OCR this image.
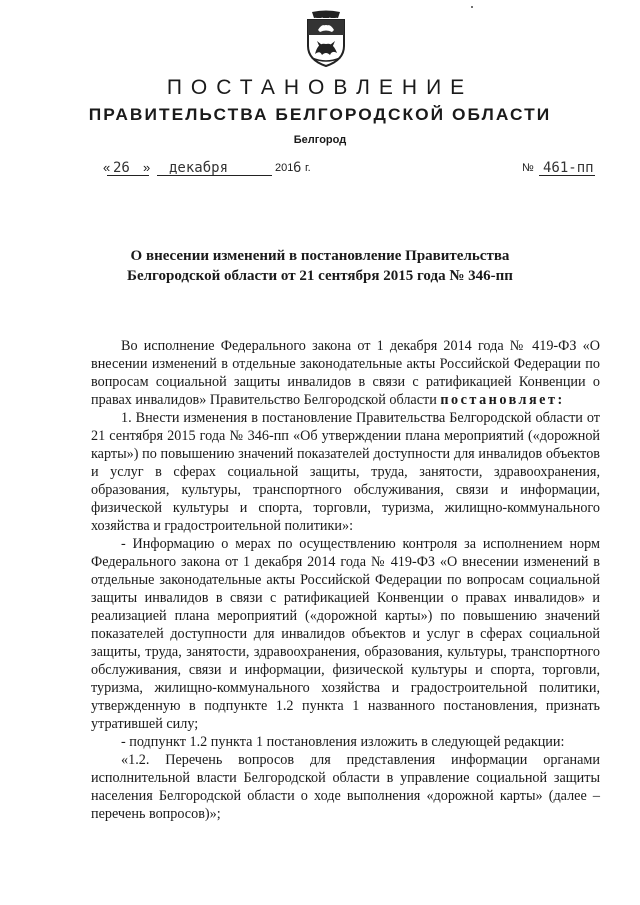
ПОСТАНОВЛЕНИЕ
ПРАВИТЕЛЬСТВА БЕЛГОРОДСКОЙ ОБЛАСТИ
Белгород
« 26 » декабря	201 6 г.	№ 461-пп
О внесении изменений в постановление Правительства
Белгородской области от 21 сентября 2015 года № 346-пп

Во исполнение Федерального закона от 1 декабря 2014 года № 419-ФЗ «О внесении изменений в отдельные законодательные акты Российской Федерации по вопросам социальной защиты инвалидов в связи с ратификацией Конвенции о правах инвалидов» Правительство Белгородской области постановляет:

1. Внести изменения в постановление Правительства Белгородской области от 21 сентября 2015 года № 346-пп «Об утверждении плана мероприятий («дорожной карты») по повышению значений показателей доступности для инвалидов объектов и услуг в сферах социальной защиты, труда, занятости, здравоохранения, образования, культуры, транспортного обслуживания, связи и информации, физической культуры и спорта, торговли, туризма, жилищно-коммунального хозяйства и градостроительной политики»:

- Информацию о мерах по осуществлению контроля за исполнением норм Федерального закона от 1 декабря 2014 года № 419-ФЗ «О внесении изменений в отдельные законодательные акты Российской Федерации по вопросам социальной защиты инвалидов в связи с ратификацией Конвенции о правах инвалидов» и реализацией плана мероприятий («дорожной карты») по повышению значений показателей доступности для инвалидов объектов и услуг в сферах социальной защиты, труда, занятости, здравоохранения, образования, культуры, транспортного обслуживания, связи и информации, физической культуры и спорта, торговли, туризма, жилищно-коммунального хозяйства и градостроительной политики, утвержденную в подпункте 1.2 пункта 1 названного постановления, признать утратившей силу;

- подпункт 1.2 пункта 1 постановления изложить в следующей редакции:

«1.2. Перечень вопросов для представления информации органами исполнительной власти Белгородской области в управление социальной защиты населения Белгородской области о ходе выполнения «дорожной карты» (далее – перечень вопросов)»;
